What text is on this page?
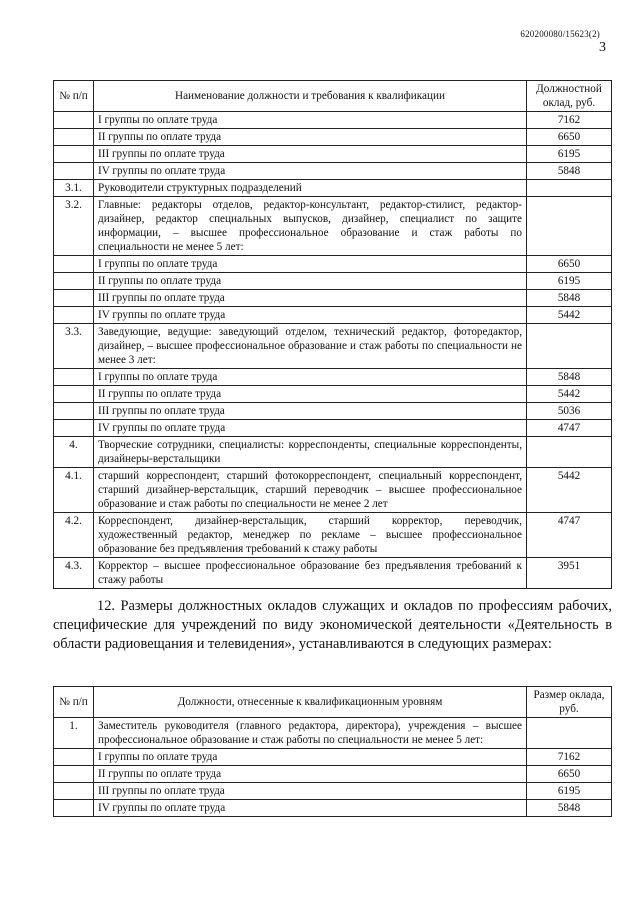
620200080/15623(2)
3
№ п/п	Наименование должности и требования к квалификации	Должностной оклад, руб.
	I группы по оплате труда	7162
	II группы по оплате труда	6650
	III группы по оплате труда	6195
	IV группы по оплате труда	5848
3.1.	Руководители структурных подразделений	
3.2.	Главные: редакторы отделов, редактор-консультант, редактор-стилист, редактор-дизайнер, редактор специальных выпусков, дизайнер, специалист по защите информации, – высшее профессиональное образование и стаж работы по специальности не менее 5 лет:	
	I группы по оплате труда	6650
	II группы по оплате труда	6195
	III группы по оплате труда	5848
	IV группы по оплате труда	5442
3.3.	Заведующие, ведущие: заведующий отделом, технический редактор, фоторедактор, дизайнер, – высшее профессиональное образование и стаж работы по специальности не менее 3 лет:	
	I группы по оплате труда	5848
	II группы по оплате труда	5442
	III группы по оплате труда	5036
	IV группы по оплате труда	4747
4.	Творческие сотрудники, специалисты: корреспонденты, специальные корреспонденты, дизайнеры-верстальщики	
4.1.	старший корреспондент, старший фотокорреспондент, специальный корреспондент, старший дизайнер-верстальщик, старший переводчик – высшее профессиональное образование и стаж работы по специальности не менее 2 лет	5442
4.2.	Корреспондент, дизайнер-верстальщик, старший корректор, переводчик, художественный редактор, менеджер по рекламе – высшее профессиональное образование без предъявления требований к стажу работы	4747
4.3.	Корректор – высшее профессиональное образование без предъявления требований к стажу работы	3951

12. Размеры должностных окладов служащих и окладов по профессиям рабочих, специфические для учреждений по виду экономической деятельности «Деятельность в области радиовещания и телевидения», устанавливаются в следующих размерах:

№ п/п	Должности, отнесенные к квалификационным уровням	Размер оклада, руб.
1.	Заместитель руководителя (главного редактора, директора), учреждения – высшее профессиональное образование и стаж работы по специальности не менее 5 лет:	
	I группы по оплате труда	7162
	II группы по оплате труда	6650
	III группы по оплате труда	6195
	IV группы по оплате труда	5848
